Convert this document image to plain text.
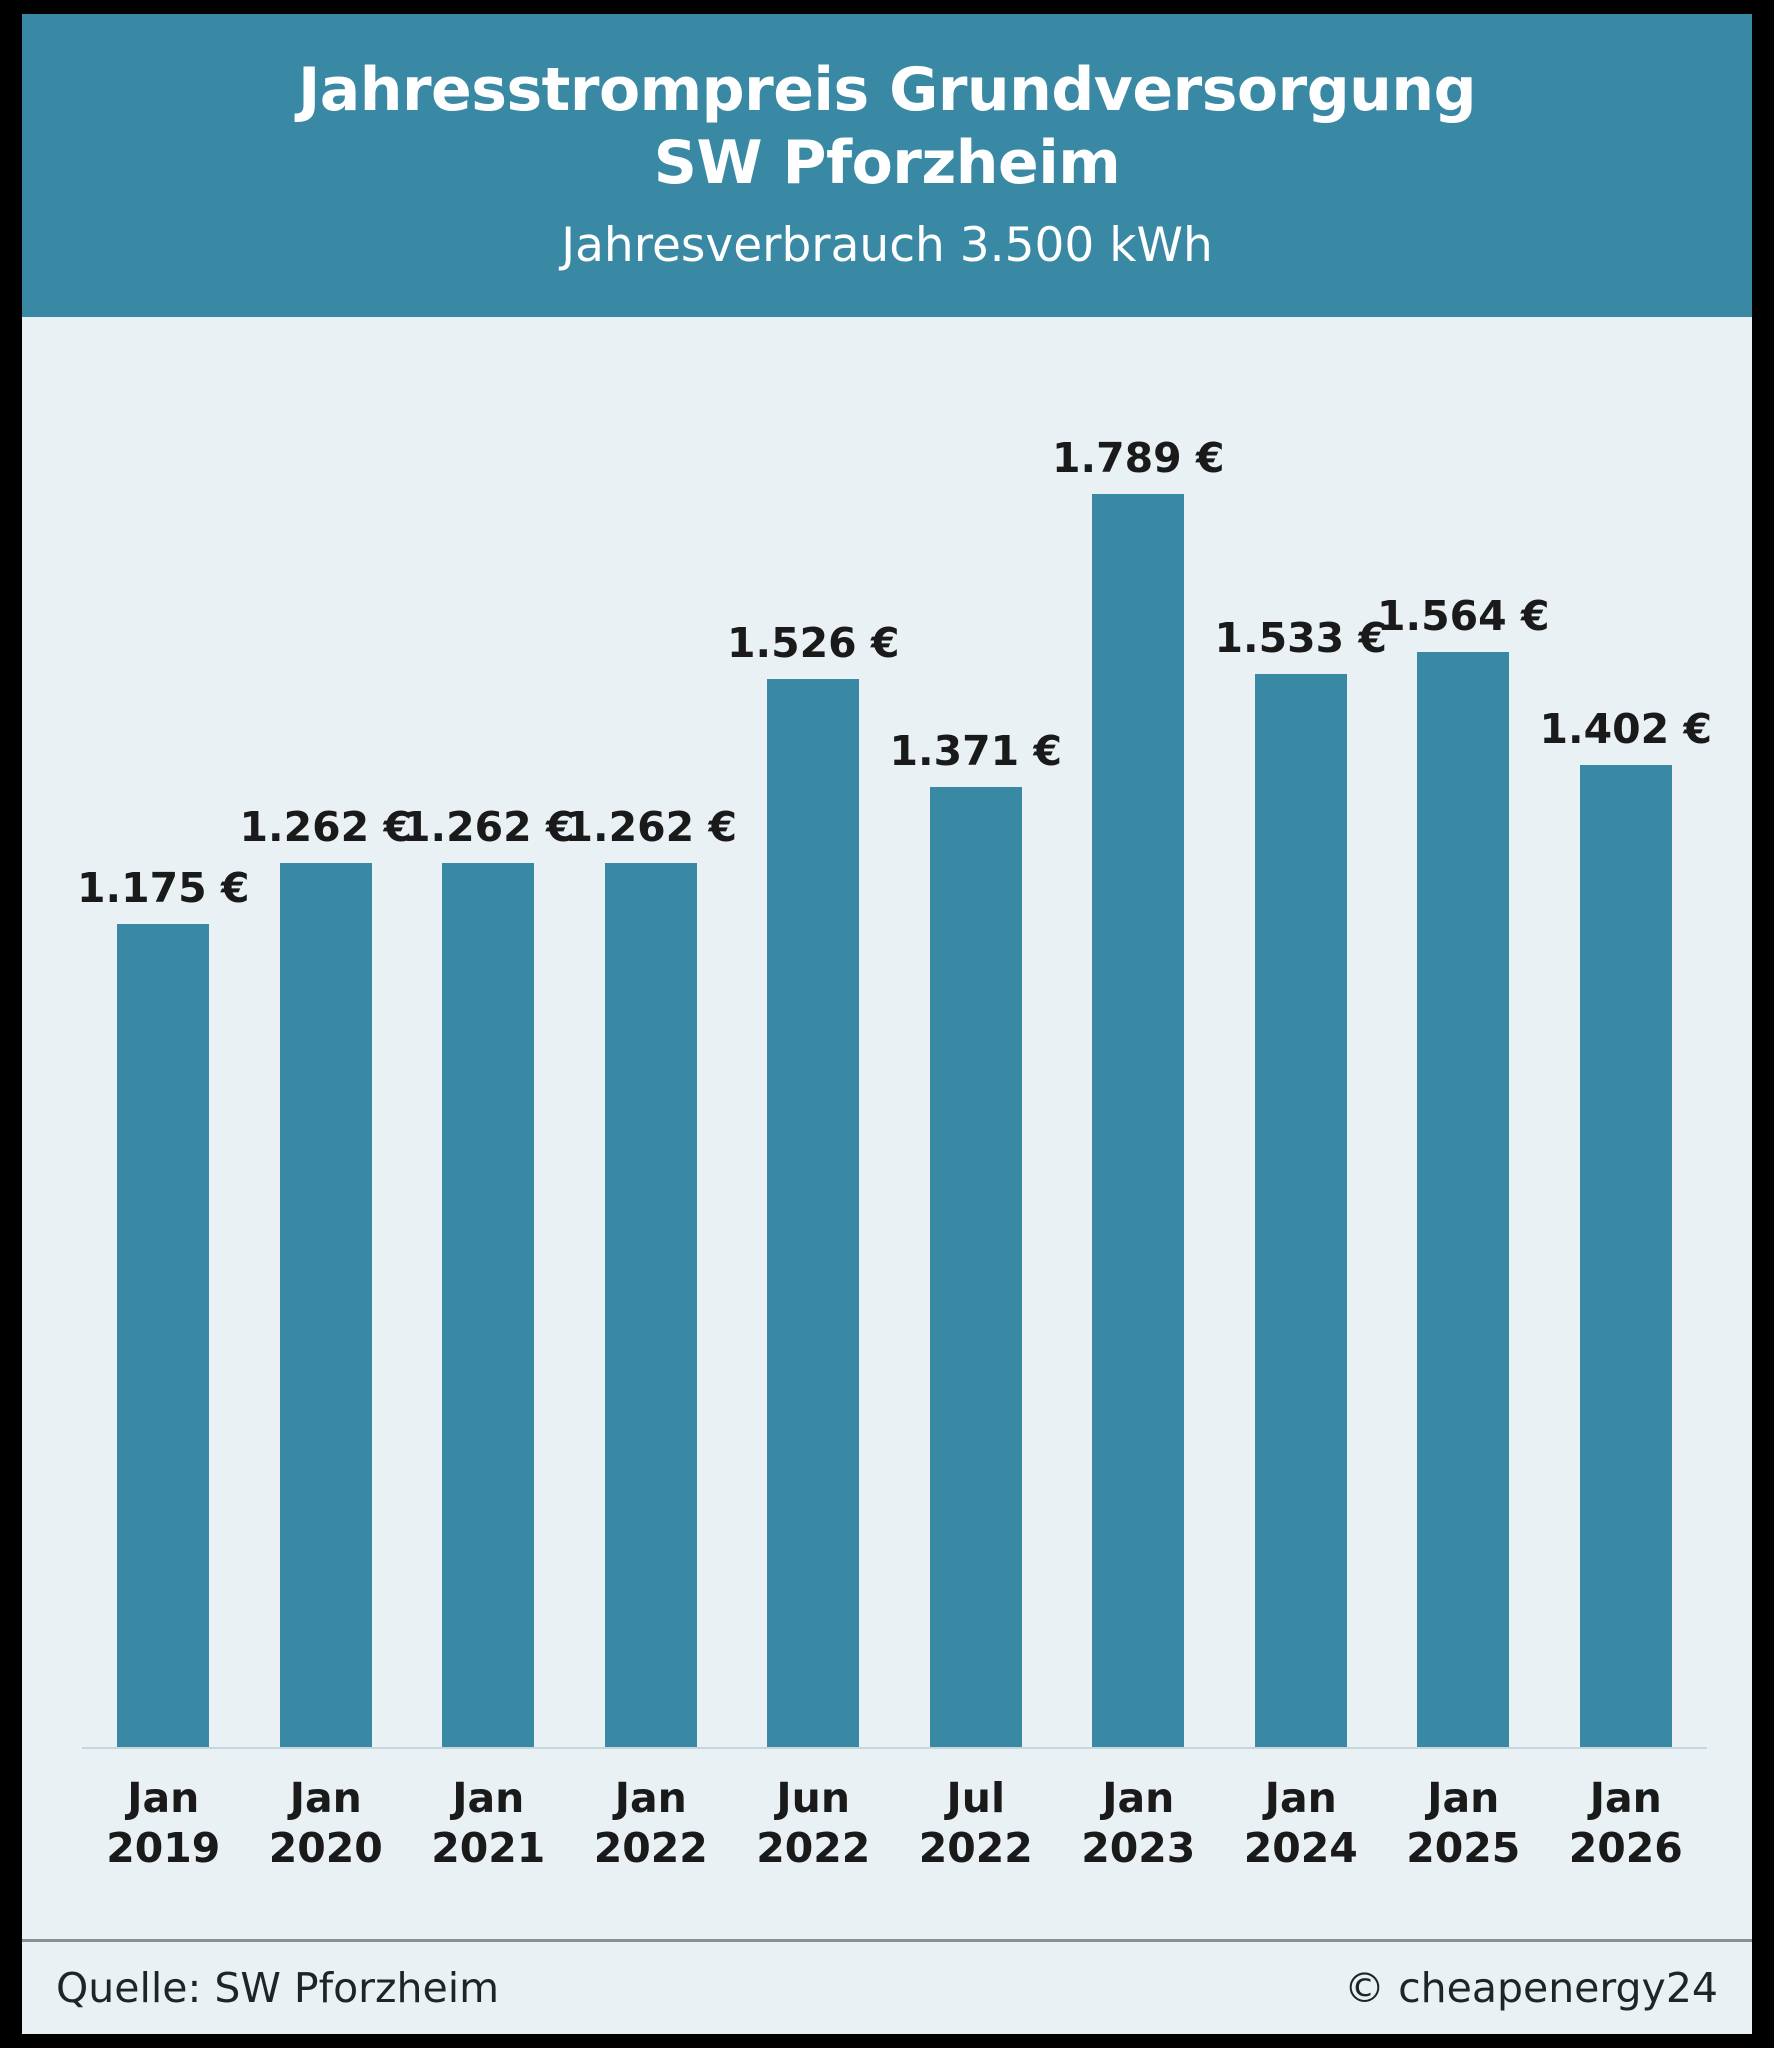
Jahresstrompreis Grundversorgung
SW Pforzheim
Jahresverbrauch 3.500 kWh
1.175 €
1.262 €
1.262 €
1.262 €
1.526 €
1.371 €
1.789 €
1.533 €
1.564 €
1.402 €
Jan
2019
Jan
2020
Jan
2021
Jan
2022
Jun
2022
Jul
2022
Jan
2023
Jan
2024
Jan
2025
Jan
2026
Quelle: SW Pforzheim	© cheapenergy24
